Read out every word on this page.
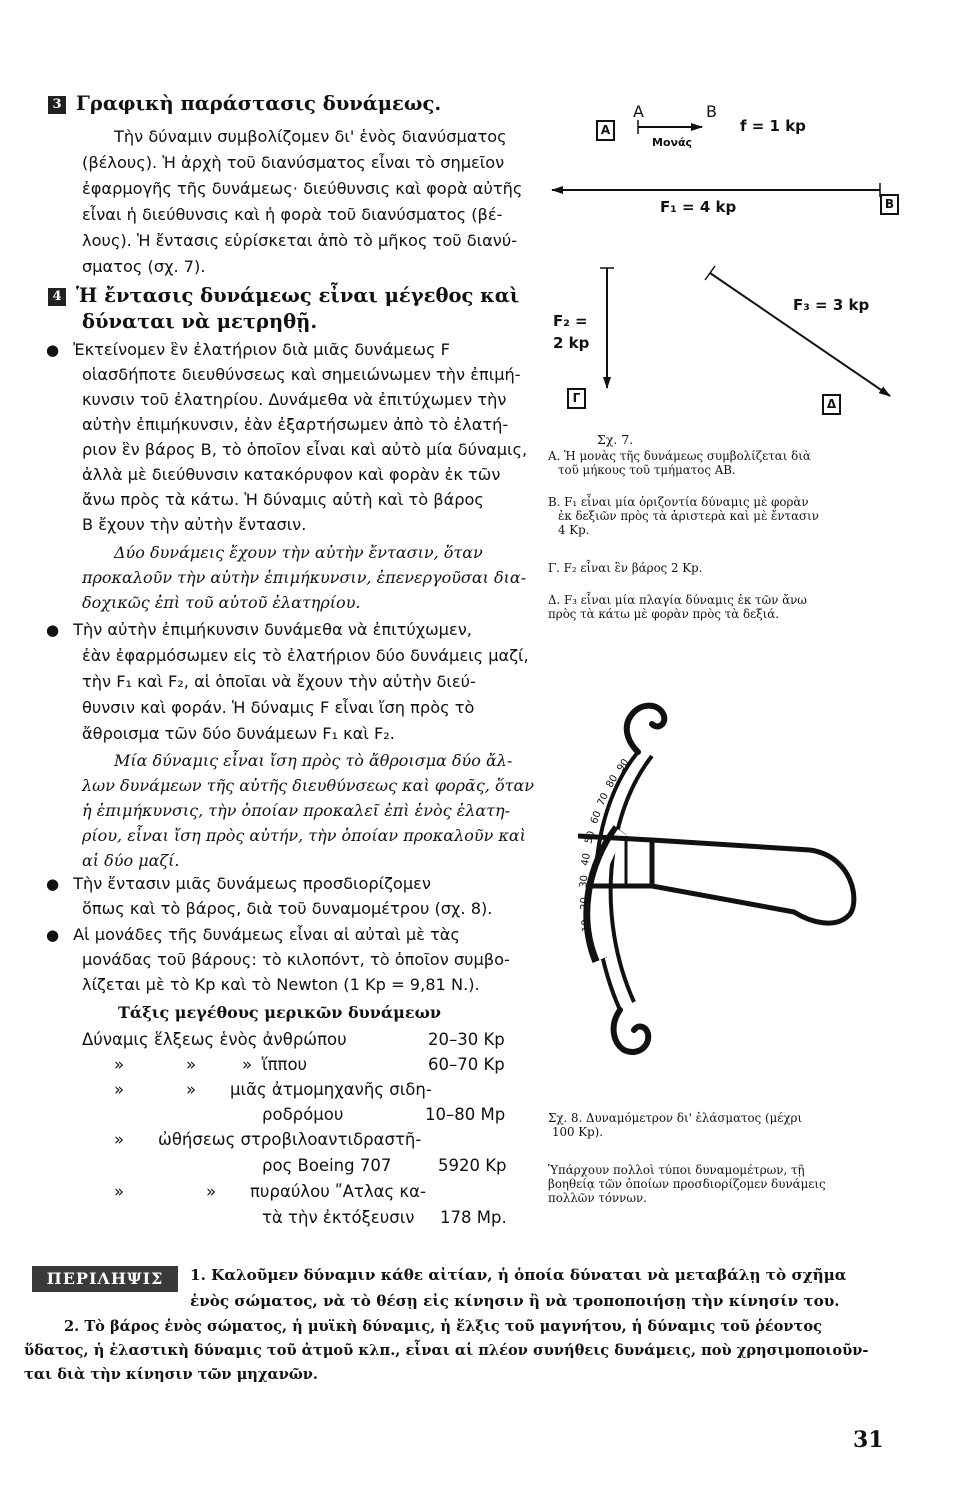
3 Γραφικὴ παράστασις δυνάμεως.
Τὴν δύναμιν συμβολίζομεν δι' ἑνὸς διανύσματος
(βέλους). Ἡ ἀρχὴ τοῦ διανύσματος εἶναι τὸ σημεῖον
ἐφαρμογῆς τῆς δυνάμεως· διεύθυνσις καὶ φορὰ αὐτῆς
εἶναι ἡ διεύθυνσις καὶ ἡ φορὰ τοῦ διανύσματος (βέ-
λους). Ἡ ἔντασις εὑρίσκεται ἀπὸ τὸ μῆκος τοῦ διανύ-
σματος (σχ. 7).
4 Ἡ ἔντασις δυνάμεως εἶναι μέγεθος καὶ
δύναται νὰ μετρηθῇ.
● Ἐκτείνομεν ἓν ἐλατήριον διὰ μιᾶς δυνάμεως F
οἱασδήποτε διευθύνσεως καὶ σημειώνωμεν τὴν ἐπιμή-
κυνσιν τοῦ ἐλατηρίου. Δυνάμεθα νὰ ἐπιτύχωμεν τὴν
αὐτὴν ἐπιμήκυνσιν, ἐὰν ἐξαρτήσωμεν ἀπὸ τὸ ἐλατή-
ριον ἓν βάρος Β, τὸ ὁποῖον εἶναι καὶ αὐτὸ μία δύναμις,
ἀλλὰ μὲ διεύθυνσιν κατακόρυφον καὶ φορὰν ἐκ τῶν
ἄνω πρὸς τὰ κάτω. Ἡ δύναμις αὐτὴ καὶ τὸ βάρος
Β ἔχουν τὴν αὐτὴν ἔντασιν.
Δύο δυνάμεις ἔχουν τὴν αὐτὴν ἔντασιν, ὅταν
προκαλοῦν τὴν αὐτὴν ἐπιμήκυνσιν, ἐπενεργοῦσαι δια-
δοχικῶς ἐπὶ τοῦ αὐτοῦ ἐλατηρίου.
● Τὴν αὐτὴν ἐπιμήκυνσιν δυνάμεθα νὰ ἐπιτύχωμεν,
ἐὰν ἐφαρμόσωμεν εἰς τὸ ἐλατήριον δύο δυνάμεις μαζί,
τὴν F₁ καὶ F₂, αἱ ὁποῖαι νὰ ἔχουν τὴν αὐτὴν διεύ-
θυνσιν καὶ φοράν. Ἡ δύναμις F εἶναι ἴση πρὸς τὸ
ἄθροισμα τῶν δύο δυνάμεων F₁ καὶ F₂.
Μία δύναμις εἶναι ἴση πρὸς τὸ ἄθροισμα δύο ἄλ-
λων δυνάμεων τῆς αὐτῆς διευθύνσεως καὶ φορᾶς, ὅταν
ἡ ἐπιμήκυνσις, τὴν ὁποίαν προκαλεῖ ἐπὶ ἑνὸς ἐλατη-
ρίου, εἶναι ἴση πρὸς αὐτήν, τὴν ὁποίαν προκαλοῦν καὶ
αἱ δύο μαζί.
● Τὴν ἔντασιν μιᾶς δυνάμεως προσδιορίζομεν
ὅπως καὶ τὸ βάρος, διὰ τοῦ δυναμομέτρου (σχ. 8).
● Αἱ μονάδες τῆς δυνάμεως εἶναι αἱ αὐταὶ μὲ τὰς
μονάδας τοῦ βάρους: τὸ κιλοπόντ, τὸ ὁποῖον συμβο-
λίζεται μὲ τὸ Kp καὶ τὸ Newton (1 Kp = 9,81 N.).
Τάξις μεγέθους μερικῶν δυνάμεων
Δύναμις ἕλξεως ἑνὸς ἀνθρώπου	20–30 Kp
»	»	» ἵππου	60–70 Kp
»	» μιᾶς ἀτμομηχανῆς σιδη-
ροδρόμου	10–80 Mp
» ὠθήσεως στροβιλοαντιδραστῆ-
ρος Boeing 707	5920 Kp
»	» πυραύλου ʺΑτλας κα-
τὰ τὴν ἐκτόξευσιν 178 Mp.
A
B
Γ	Δ
A	B
Μονάς
f = 1 kp
F₁ = 4 kp
F₂ =
2 kp
F₃ = 3 kp
Σχ. 7.
Α. Ἡ μονὰς τῆς δυνάμεως συμβολίζεται διὰ
τοῦ μήκους τοῦ τμήματος ΑΒ.
Β. F₁ εἶναι μία ὁριζοντία δύναμις μὲ φορὰν
ἐκ δεξιῶν πρὸς τὰ ἀριστερὰ καὶ μὲ ἔντασιν
4 Kp.
Γ. F₂ εἶναι ἓν βάρος 2 Kp.
Δ. F₃ εἶναι μία πλαγία δύναμις ἐκ τῶν ἄνω
πρὸς τὰ κάτω μὲ φορὰν πρὸς τὰ δεξιά.
90
80
70
60
50
40
30
20
10
Σχ. 8. Δυναμόμετρον δι' ἐλάσματος (μέχρι
100 Kp).
Ὑπάρχουν πολλοὶ τύποι δυναμομέτρων, τῇ
βοηθείᾳ τῶν ὁποίων προσδιορίζομεν δυνάμεις
πολλῶν τόννων.
ΠΕΡΙΛΗΨΙΣ	1. Καλοῦμεν δύναμιν κάθε αἰτίαν, ἡ ὁποία δύναται νὰ μεταβάλῃ τὸ σχῆμα
ἑνὸς σώματος, νὰ τὸ θέσῃ εἰς κίνησιν ἢ νὰ τροποποιήσῃ τὴν κίνησίν του.
2. Τὸ βάρος ἑνὸς σώματος, ἡ μυϊκὴ δύναμις, ἡ ἕλξις τοῦ μαγνήτου, ἡ δύναμις τοῦ ῥέοντος
ὕδατος, ἡ ἐλαστικὴ δύναμις τοῦ ἀτμοῦ κλπ., εἶναι αἱ πλέον συνήθεις δυνάμεις, ποὺ χρησιμοποιοῦν-
ται διὰ τὴν κίνησιν τῶν μηχανῶν.
31
